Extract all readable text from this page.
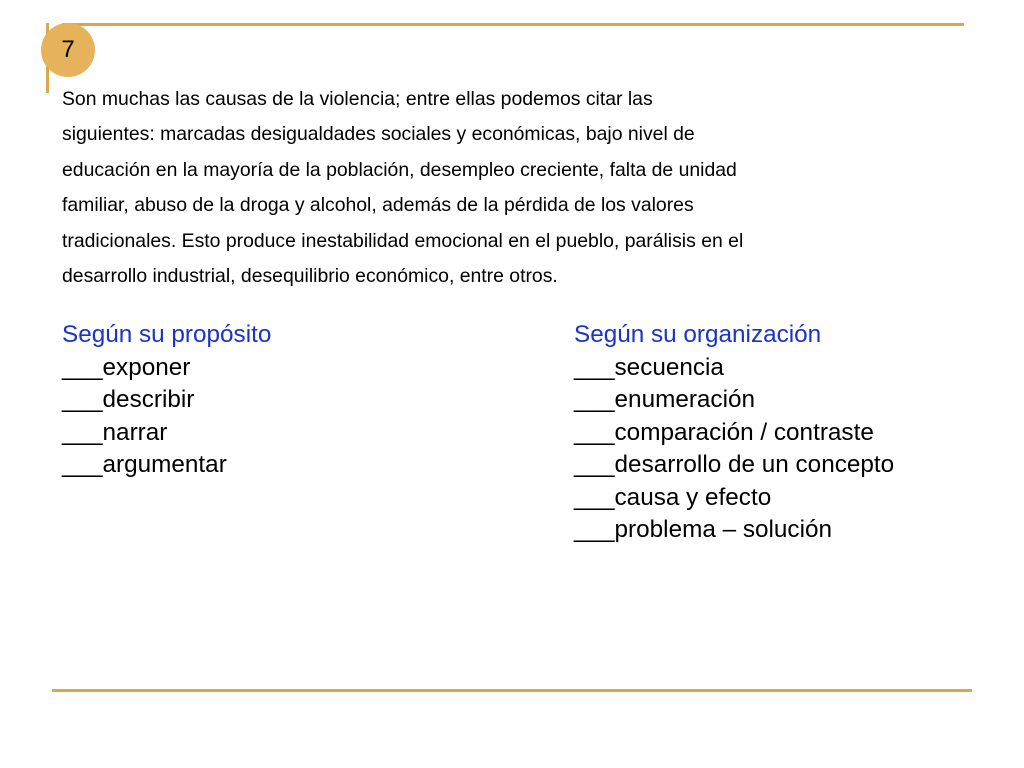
7

Son muchas las causas de la violencia; entre ellas podemos citar las
siguientes: marcadas desigualdades sociales y económicas, bajo nivel de
educación en la mayoría de la población, desempleo creciente, falta de unidad
familiar, abuso de la droga y alcohol, además de la pérdida de los valores
tradicionales. Esto produce inestabilidad emocional en el pueblo, parálisis en el
desarrollo industrial, desequilibrio económico, entre otros.

Según su propósito
___exponer
___describir
___narrar
___argumentar
Según su organización
___secuencia
___enumeración
___comparación / contraste
___desarrollo de un concepto
___causa y efecto
___problema – solución
